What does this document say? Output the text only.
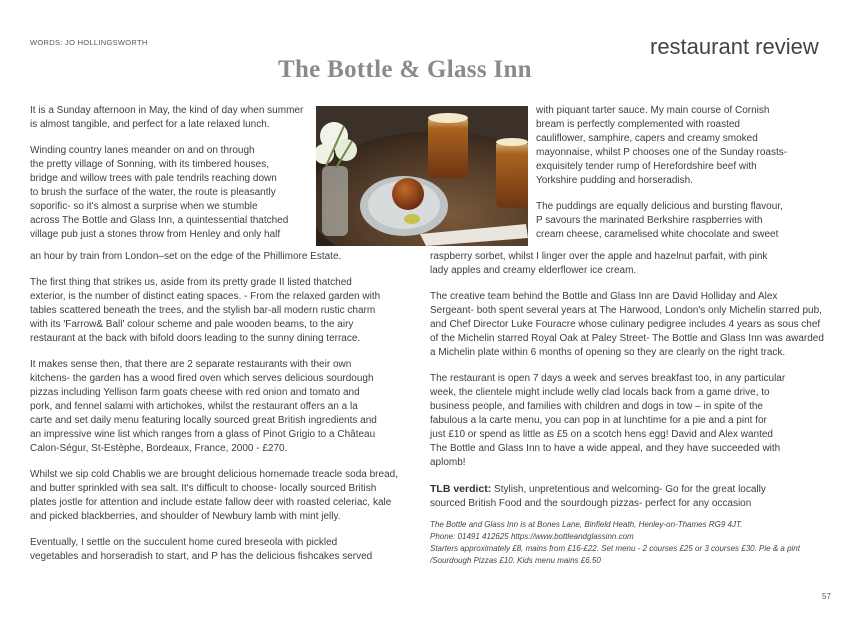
WORDS: JO HOLLINGSWORTH	restaurant review
The Bottle & Glass Inn

It is a Sunday afternoon in May, the kind of day when summer
is almost tangible, and perfect for a late relaxed lunch.

Winding country lanes meander on and on through
the pretty village of Sonning, with its timbered houses,
bridge and willow trees with pale tendrils reaching down
to brush the surface of the water, the route is pleasantly
soporific- so it's almost a surprise when we stumble
across The Bottle and Glass Inn, a quintessential thatched
village pub just a stones throw from Henley and only half

an hour by train from London–set on the edge of the Phillimore Estate.

The first thing that strikes us, aside from its pretty grade II listed thatched
exterior, is the number of distinct eating spaces. - From the relaxed garden with
tables scattered beneath the trees, and the stylish bar-all modern rustic charm
with its 'Farrow& Ball' colour scheme and pale wooden beams, to the airy
restaurant at the back with bifold doors leading to the sunny dining terrace.

It makes sense then, that there are 2 separate restaurants with their own
kitchens- the garden has a wood fired oven which serves delicious sourdough
pizzas including Yellison farm goats cheese with red onion and tomato and
pork, and fennel salami with artichokes, whilst the restaurant offers an a la
carte and set daily menu featuring locally sourced great British ingredients and
an impressive wine list which ranges from a glass of Pinot Grigio to a Château
Calon-Ségur, St-Estèphe, Bordeaux, France, 2000 - £270.

Whilst we sip cold Chablis we are brought delicious homemade treacle soda bread,
and butter sprinkled with sea salt. It's difficult to choose- locally sourced British
plates jostle for attention and include estate fallow deer with roasted celeriac, kale
and picked blackberries, and shoulder of Newbury lamb with mint jelly.

Eventually, I settle on the succulent home cured breseola with pickled
vegetables and horseradish to start, and P has the delicious fishcakes served

with piquant tarter sauce. My main course of Cornish
bream is perfectly complemented with roasted
cauliflower, samphire, capers and creamy smoked
mayonnaise, whilst P chooses one of the Sunday roasts-
exquisitely tender rump of Herefordshire beef with
Yorkshire pudding and horseradish.

The puddings are equally delicious and bursting flavour,
P savours the marinated Berkshire raspberries with
cream cheese, caramelised white chocolate and sweet

raspberry sorbet, whilst I linger over the apple and hazelnut parfait, with pink
lady apples and creamy elderflower ice cream.

The creative team behind the Bottle and Glass Inn are David Holliday and Alex
Sergeant- both spent several years at The Harwood, London's only Michelin starred pub,
and Chef Director Luke Fouracre whose culinary pedigree includes 4 years as sous chef
of the Michelin starred Royal Oak at Paley Street- The Bottle and Glass Inn was awarded
a Michelin plate within 6 months of opening so they are clearly on the right track.

The restaurant is open 7 days a week and serves breakfast too, in any particular
week, the clientele might include welly clad locals back from a game drive, to
business people, and families with children and dogs in tow – in spite of the
fabulous a la carte menu, you can pop in at lunchtime for a pie and a pint for
just £10 or spend as little as £5 on a scotch hens egg! David and Alex wanted
The Bottle and Glass Inn to have a wide appeal, and they have succeeded with
aplomb!

TLB verdict: Stylish, unpretentious and welcoming- Go for the great locally
sourced British Food and the sourdough pizzas- perfect for any occasion

The Bottle and Glass Inn is at Bones Lane, Binfield Heath, Henley-on-Thames RG9 4JT.
Phone: 01491 412625 https://www.bottleandglassinn.com
Starters approximately £8, mains from £16-£22. Set menu - 2 courses £25 or 3 courses £30. Pie & a pint
/Sourdough Pizzas £10. Kids menu mains £6.50

57
